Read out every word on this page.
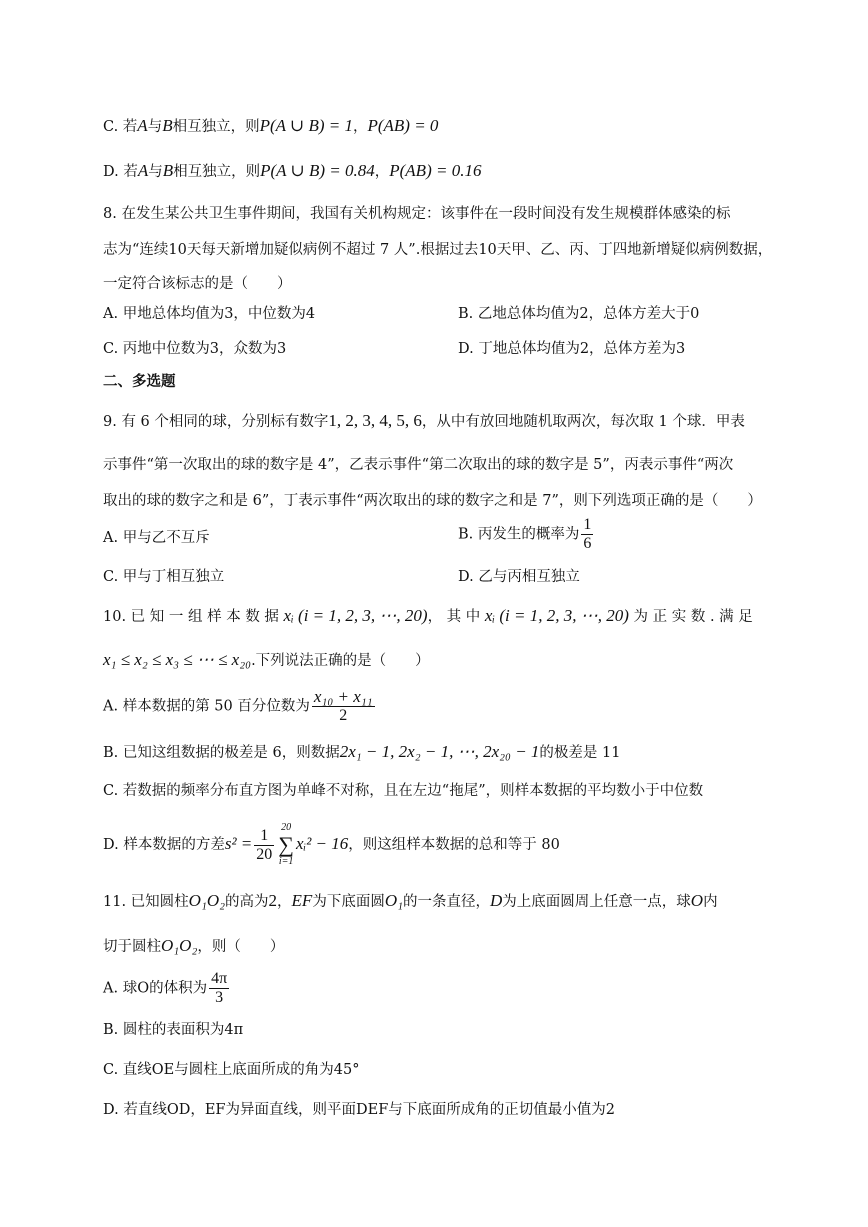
C. 若A与B相互独立，则P(A ∪ B) = 1，P(AB) = 0
D. 若A与B相互独立，则P(A ∪ B) = 0.84，P(AB) = 0.16
8. 在发生某公共卫生事件期间，我国有关机构规定：该事件在一段时间没有发生规模群体感染的标
志为“连续10天每天新增加疑似病例不超过 7 人”.根据过去10天甲、乙、丙、丁四地新增疑似病例数据，
一定符合该标志的是（　　）
A. 甲地总体均值为3，中位数为4	B. 乙地总体均值为2，总体方差大于0
C. 丙地中位数为3，众数为3	D. 丁地总体均值为2，总体方差为3
二、多选题
9. 有 6 个相同的球，分别标有数字1, 2, 3, 4, 5, 6，从中有放回地随机取两次，每次取 1 个球．甲表
示事件“第一次取出的球的数字是 4”，乙表示事件“第二次取出的球的数字是 5”，丙表示事件“两次
取出的球的数字之和是 6”，丁表示事件“两次取出的球的数字之和是 7”，则下列选项正确的是（　　）
A. 甲与乙不互斥	B. 丙发生的概率为 $\frac{1}{6}$
C. 甲与丁相互独立	D. 乙与丙相互独立
10. 已 知 一 组 样 本 数 据 xᵢ (i = 1, 2, 3, ⋯, 20)， 其 中 xᵢ (i = 1, 2, 3, ⋯, 20) 为 正 实 数 . 满 足
x₁ ≤ x₂ ≤ x₃ ≤ ⋯ ≤ x₂₀.下列说法正确的是（　　）
A. 样本数据的第 50 百分位数为 $\frac{\text{x₁₀ + x₁₁}}{2}$
B. 已知这组数据的极差是 6，则数据2x₁ − 1, 2x₂ − 1, ⋯, 2x₂₀ − 1的极差是 11
C. 若数据的频率分布直方图为单峰不对称，且在左边“拖尾”，则样本数据的平均数小于中位数
D. 样本数据的方差$s^2 = \frac{1}{20} 20$
∑
i=1
xᵢ² − 16，则这组样本数据的总和等于 80
11. 已知圆柱O₁O₂的高为2，EF为下底面圆O₁的一条直径，D为上底面圆周上任意一点，球O内
切于圆柱O₁O₂，则（　　）
A. 球O的体积为 $\frac{4\pi}{3}$
B. 圆柱的表面积为4π
C. 直线OE与圆柱上底面所成的角为45°
D. 若直线OD，EF为异面直线，则平面DEF与下底面所成角的正切值最小值为2
